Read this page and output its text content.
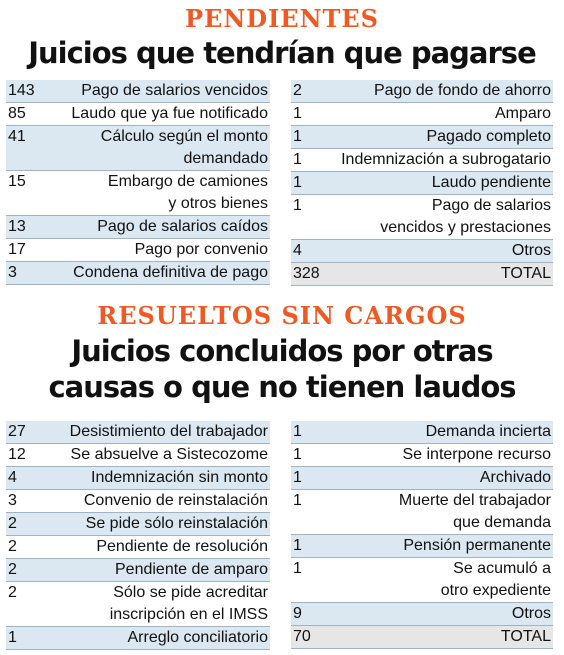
PENDIENTES
Juicios que tendrían que pagarse
143	Pago de salarios vencidos
85	Laudo que ya fue notificado
41	Cálculo según el monto
demandado
15	Embargo de camiones
y otros bienes
13	Pago de salarios caídos
17	Pago por convenio
3	Condena definitiva de pago
2	Pago de fondo de ahorro
1	Amparo
1	Pagado completo
1	Indemnización a subrogatario
1	Laudo pendiente
1	Pago de salarios
vencidos y prestaciones
4	Otros
328	TOTAL
RESUELTOS SIN CARGOS
Juicios concluidos por otras
causas o que no tienen laudos
27	Desistimiento del trabajador
12	Se absuelve a Sistecozome
4	Indemnización sin monto
3	Convenio de reinstalación
2	Se pide sólo reinstalación
2	Pendiente de resolución
2	Pendiente de amparo
2	Sólo se pide acreditar
inscripción en el IMSS
1	Arreglo conciliatorio
1	Demanda incierta
1	Se interpone recurso
1	Archivado
1	Muerte del trabajador
que demanda
1	Pensión permanente
1	Se acumuló a
otro expediente
9	Otros
70	TOTAL
